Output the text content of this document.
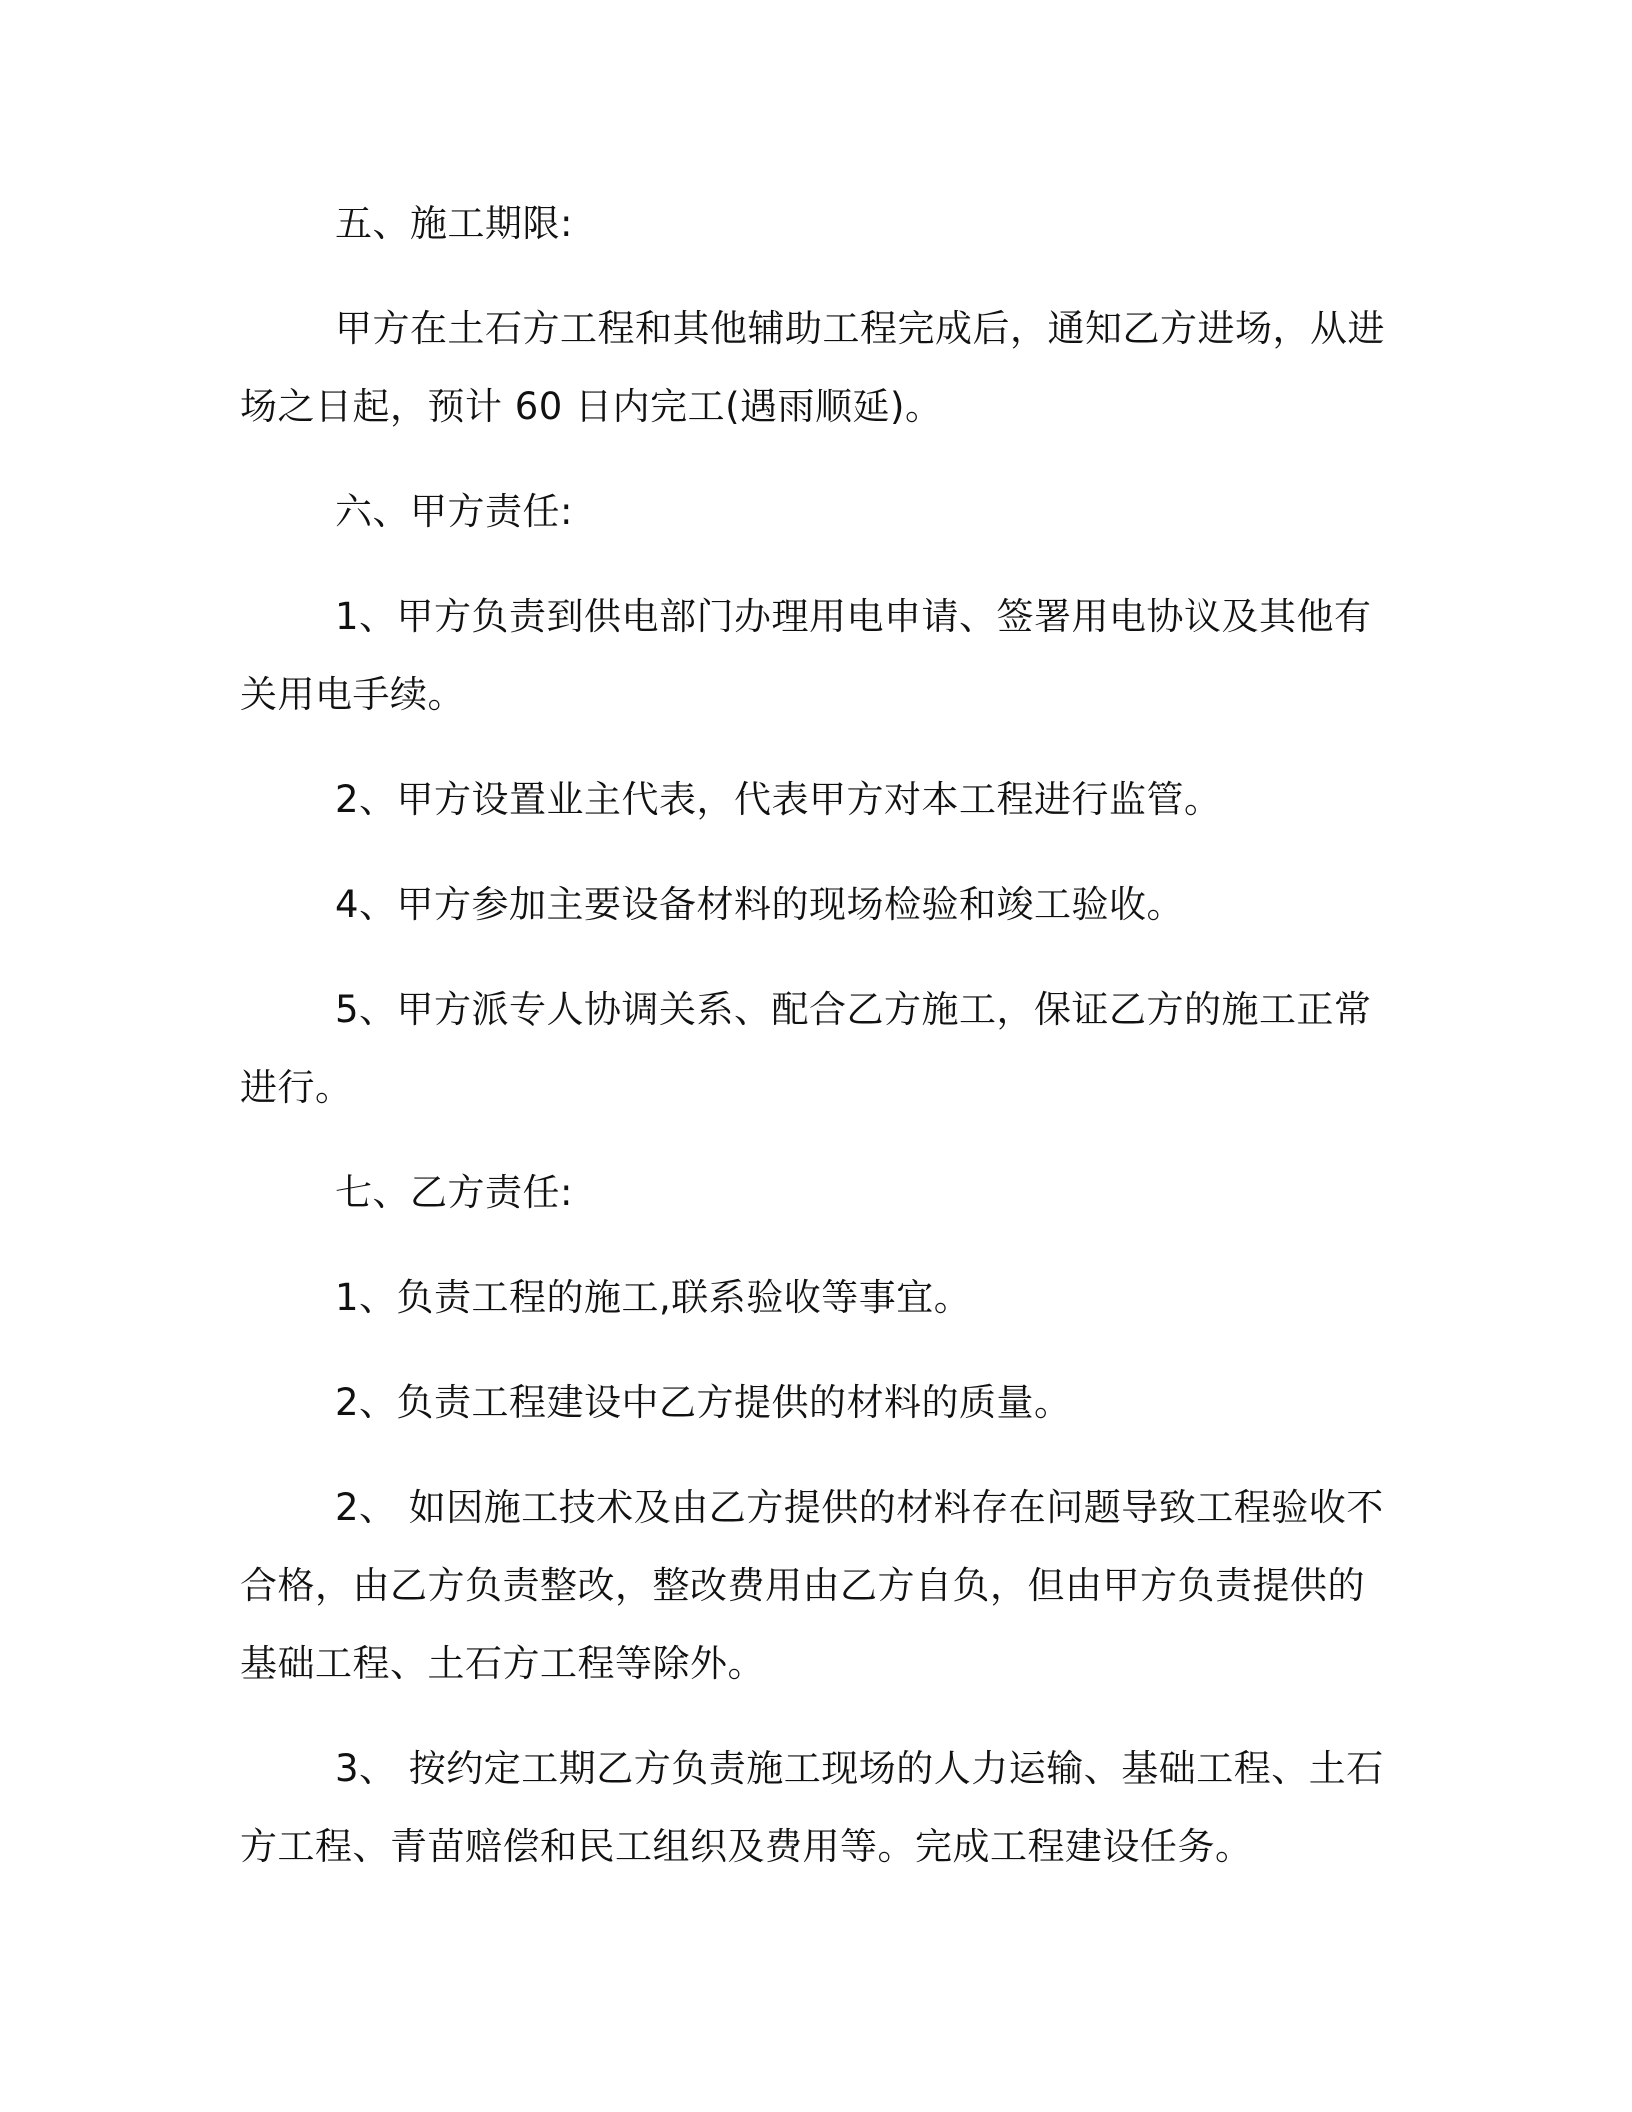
五、施工期限:

甲方在土石方工程和其他辅助工程完成后，通知乙方进场，从进场之日起，预计 60 日内完工(遇雨顺延)。

六、甲方责任:

1、甲方负责到供电部门办理用电申请、签署用电协议及其他有关用电手续。

2、甲方设置业主代表，代表甲方对本工程进行监管。

4、甲方参加主要设备材料的现场检验和竣工验收。

5、甲方派专人协调关系、配合乙方施工，保证乙方的施工正常进行。

七、乙方责任:

1、负责工程的施工,联系验收等事宜。

2、负责工程建设中乙方提供的材料的质量。

2、 如因施工技术及由乙方提供的材料存在问题导致工程验收不合格，由乙方负责整改，整改费用由乙方自负，但由甲方负责提供的基础工程、土石方工程等除外。

3、 按约定工期乙方负责施工现场的人力运输、基础工程、土石方工程、青苗赔偿和民工组织及费用等。完成工程建设任务。
